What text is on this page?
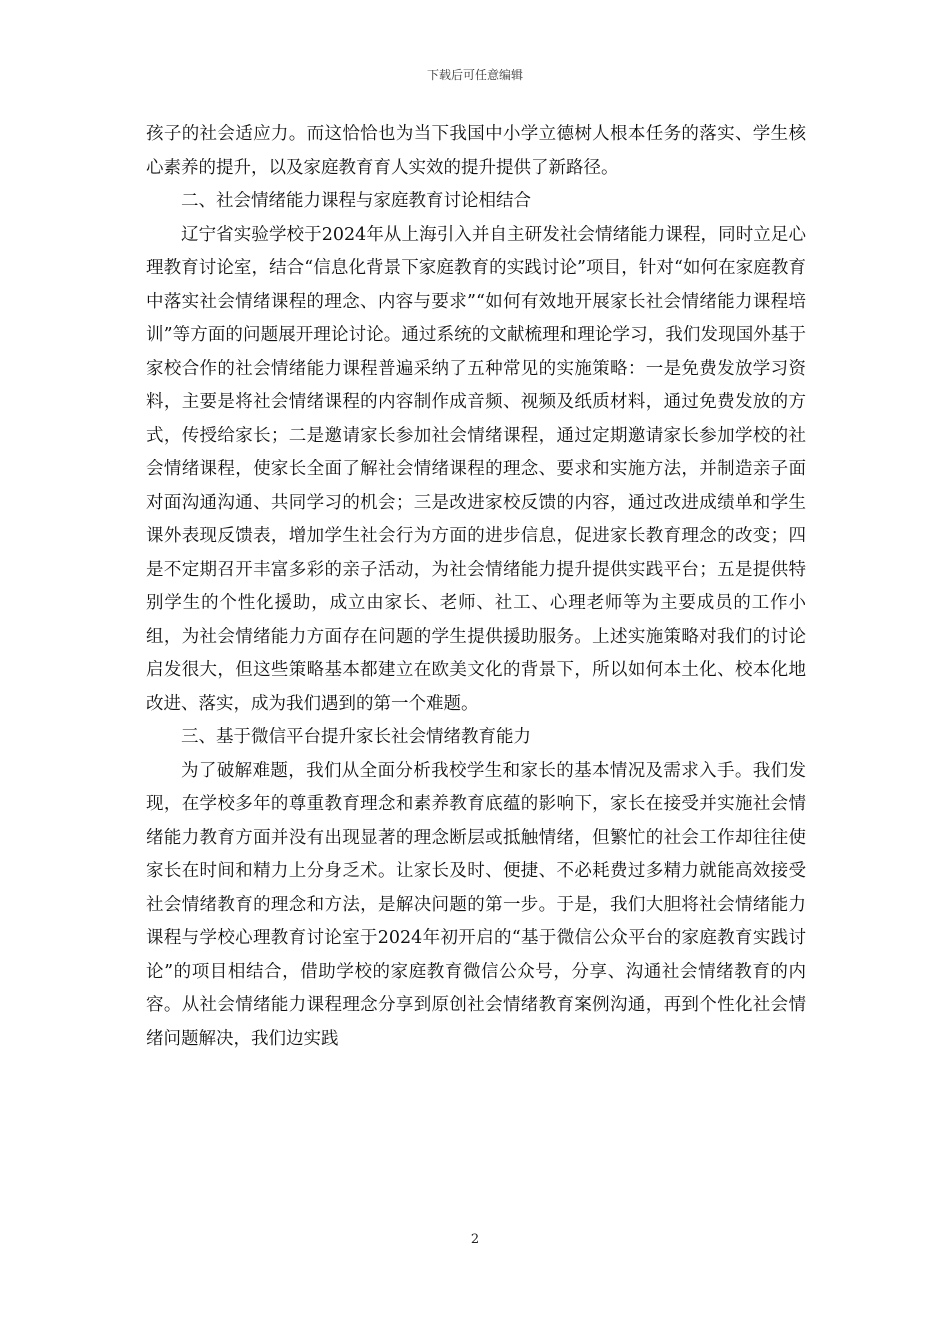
下载后可任意编辑

孩子的社会适应力。而这恰恰也为当下我国中小学立德树人根本任务的落实、学生核心素养的提升，以及家庭教育育人实效的提升提供了新路径。

二、社会情绪能力课程与家庭教育讨论相结合

辽宁省实验学校于2024年从上海引入并自主研发社会情绪能力课程，同时立足心理教育讨论室，结合“信息化背景下家庭教育的实践讨论”项目，针对“如何在家庭教育中落实社会情绪课程的理念、内容与要求”“如何有效地开展家长社会情绪能力课程培训”等方面的问题展开理论讨论。通过系统的文献梳理和理论学习，我们发现国外基于家校合作的社会情绪能力课程普遍采纳了五种常见的实施策略：一是免费发放学习资料，主要是将社会情绪课程的内容制作成音频、视频及纸质材料，通过免费发放的方式，传授给家长；二是邀请家长参加社会情绪课程，通过定期邀请家长参加学校的社会情绪课程，使家长全面了解社会情绪课程的理念、要求和实施方法，并制造亲子面对面沟通沟通、共同学习的机会；三是改进家校反馈的内容，通过改进成绩单和学生课外表现反馈表，增加学生社会行为方面的进步信息，促进家长教育理念的改变；四是不定期召开丰富多彩的亲子活动，为社会情绪能力提升提供实践平台；五是提供特别学生的个性化援助，成立由家长、老师、社工、心理老师等为主要成员的工作小组，为社会情绪能力方面存在问题的学生提供援助服务。上述实施策略对我们的讨论启发很大，但这些策略基本都建立在欧美文化的背景下，所以如何本土化、校本化地改进、落实，成为我们遇到的第一个难题。

三、基于微信平台提升家长社会情绪教育能力

为了破解难题，我们从全面分析我校学生和家长的基本情况及需求入手。我们发现，在学校多年的尊重教育理念和素养教育底蕴的影响下，家长在接受并实施社会情绪能力教育方面并没有出现显著的理念断层或抵触情绪，但繁忙的社会工作却往往使家长在时间和精力上分身乏术。让家长及时、便捷、不必耗费过多精力就能高效接受社会情绪教育的理念和方法，是解决问题的第一步。于是，我们大胆将社会情绪能力课程与学校心理教育讨论室于2024年初开启的“基于微信公众平台的家庭教育实践讨论”的项目相结合，借助学校的家庭教育微信公众号，分享、沟通社会情绪教育的内容。从社会情绪能力课程理念分享到原创社会情绪教育案例沟通，再到个性化社会情绪问题解决，我们边实践

2
